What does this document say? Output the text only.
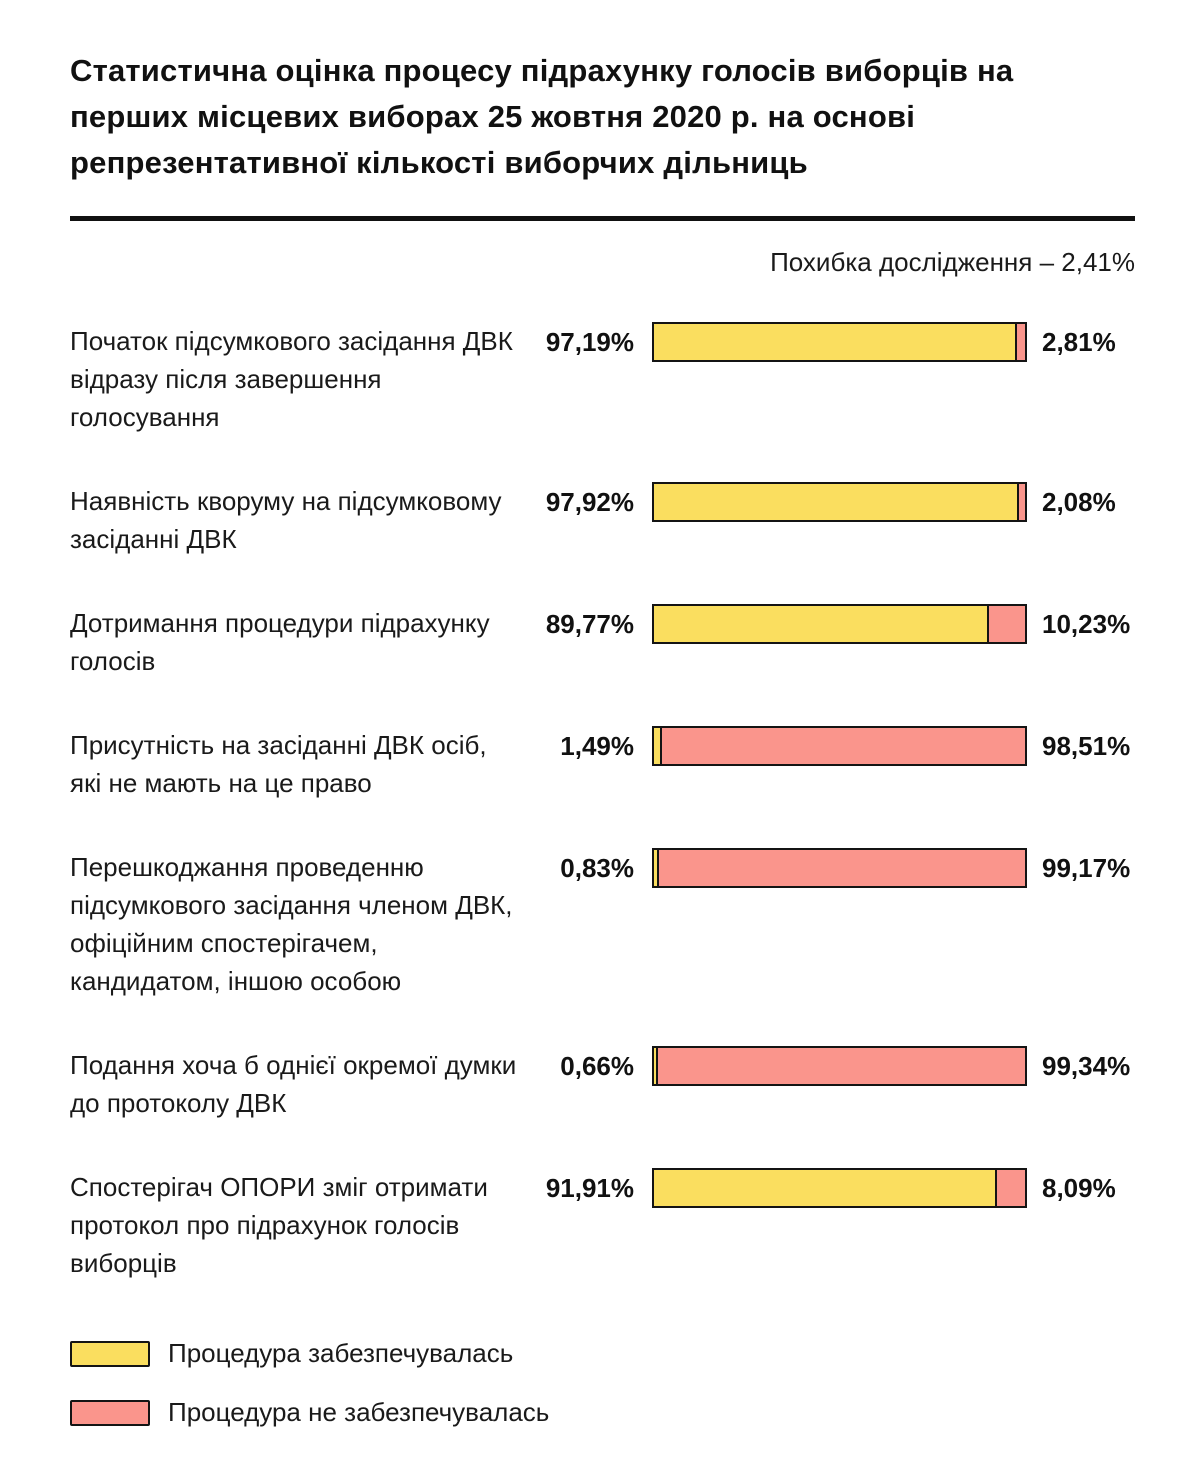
Статистична оцінка процесу підрахунку голосів виборців на перших місцевих виборах 25 жовтня 2020 р. на основі репрезентативної кількості виборчих дільниць
Похибка дослідження – 2,41%
Початок підсумкового засідання ДВК відразу після завершення голосування
97,19%	2,81%
Наявність кворуму на підсумковому засіданні ДВК
97,92%	2,08%
Дотримання процедури підрахунку голосів
89,77%	10,23%
Присутність на засіданні ДВК осіб, які не мають на це право
1,49%	98,51%
Перешкоджання проведенню підсумкового засідання членом ДВК, офіційним спостерігачем, кандидатом, іншою особою
0,83%	99,17%
Подання хоча б однієї окремої думки до протоколу ДВК
0,66%	99,34%
Спостерігач ОПОРИ зміг отримати протокол про підрахунок голосів виборців
91,91%	8,09%
Процедура забезпечувалась
Процедура не забезпечувалась
